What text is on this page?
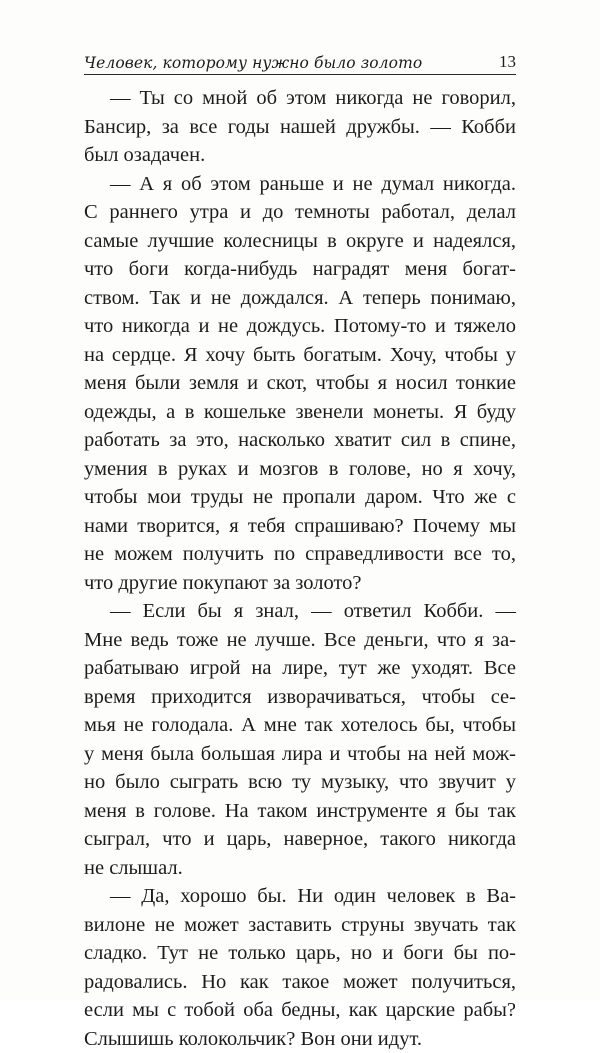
Человек, которому нужно было золото	13
— Ты со мной об этом никогда не говорил,
Бансир, за все годы нашей дружбы. — Кобби
был озадачен.
— А я об этом раньше и не думал никогда.
С раннего утра и до темноты работал, делал
самые лучшие колесницы в округе и надеялся,
что боги когда-нибудь наградят меня богат-
ством. Так и не дождался. А теперь понимаю,
что никогда и не дождусь. Потому-то и тяжело
на сердце. Я хочу быть богатым. Хочу, чтобы у
меня были земля и скот, чтобы я носил тонкие
одежды, а в кошельке звенели монеты. Я буду
работать за это, насколько хватит сил в спине,
умения в руках и мозгов в голове, но я хочу,
чтобы мои труды не пропали даром. Что же с
нами творится, я тебя спрашиваю? Почему мы
не можем получить по справедливости все то,
что другие покупают за золото?
— Если бы я знал, — ответил Кобби. —
Мне ведь тоже не лучше. Все деньги, что я за-
рабатываю игрой на лире, тут же уходят. Все
время приходится изворачиваться, чтобы се-
мья не голодала. А мне так хотелось бы, чтобы
у меня была большая лира и чтобы на ней мож-
но было сыграть всю ту музыку, что звучит у
меня в голове. На таком инструменте я бы так
сыграл, что и царь, наверное, такого никогда
не слышал.
— Да, хорошо бы. Ни один человек в Ва-
вилоне не может заставить струны звучать так
сладко. Тут не только царь, но и боги бы по-
радовались. Но как такое может получиться,
если мы с тобой оба бедны, как царские рабы?
Слышишь колокольчик? Вон они идут.
